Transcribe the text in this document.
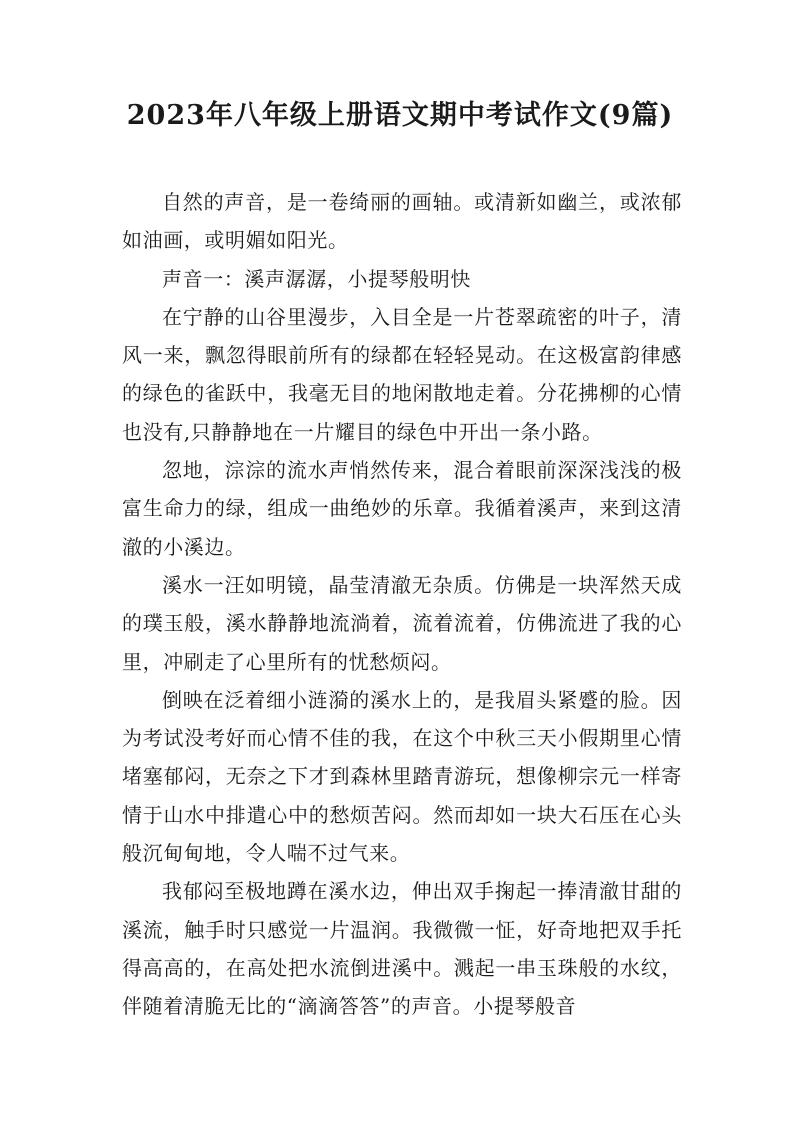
2023年八年级上册语文期中考试作文(9篇)

自然的声音，是一卷绮丽的画轴。或清新如幽兰，或浓郁如油画，或明媚如阳光。

声音一：溪声潺潺，小提琴般明快

在宁静的山谷里漫步，入目全是一片苍翠疏密的叶子，清风一来，飘忽得眼前所有的绿都在轻轻晃动。在这极富韵律感的绿色的雀跃中，我毫无目的地闲散地走着。分花拂柳的心情也没有,只静静地在一片耀目的绿色中开出一条小路。

忽地，淙淙的流水声悄然传来，混合着眼前深深浅浅的极富生命力的绿，组成一曲绝妙的乐章。我循着溪声，来到这清澈的小溪边。

溪水一汪如明镜，晶莹清澈无杂质。仿佛是一块浑然天成的璞玉般，溪水静静地流淌着，流着流着，仿佛流进了我的心里，冲刷走了心里所有的忧愁烦闷。

倒映在泛着细小涟漪的溪水上的，是我眉头紧蹙的脸。因为考试没考好而心情不佳的我，在这个中秋三天小假期里心情堵塞郁闷，无奈之下才到森林里踏青游玩，想像柳宗元一样寄情于山水中排遣心中的愁烦苦闷。然而却如一块大石压在心头般沉甸甸地，令人喘不过气来。

我郁闷至极地蹲在溪水边，伸出双手掬起一捧清澈甘甜的溪流，触手时只感觉一片温润。我微微一怔，好奇地把双手托得高高的，在高处把水流倒进溪中。溅起一串玉珠般的水纹，伴随着清脆无比的“滴滴答答”的声音。小提琴般音
